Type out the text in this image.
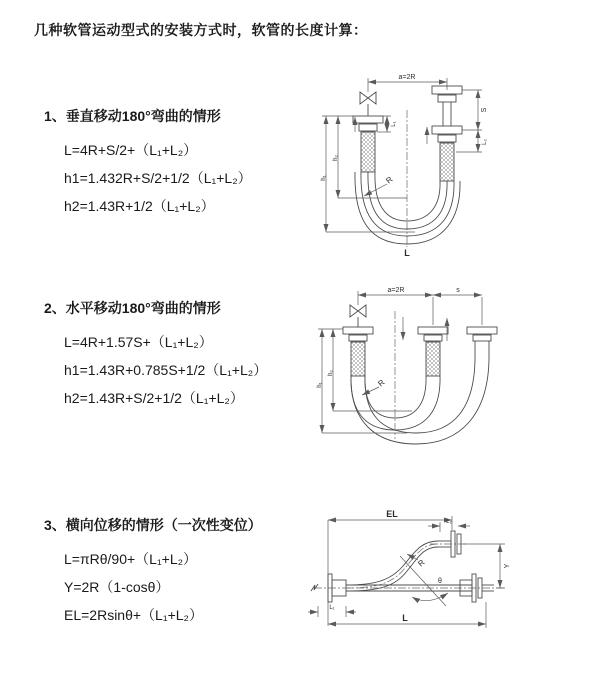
几种软管运动型式的安装方式时，软管的长度计算：
1、垂直移动180°弯曲的情形
L=4R+S/2+（L₁+L₂）
h1=1.432R+S/2+1/2（L₁+L₂）
h2=1.43R+1/2（L₁+L₂）
2、水平移动180°弯曲的情形
L=4R+1.57S+（L₁+L₂）
h1=1.43R+0.785S+1/2（L₁+L₂）
h2=1.43R+S/2+1/2（L₁+L₂）
3、横向位移的情形（一次性变位）
L=πRθ/90+（L₁+L₂）
Y=2R（1-cosθ）
EL=2Rsinθ+（L₁+L₂）
a=2R
L₁
S
L₂
h₁
h₂
R
L
a=2R	s
h₁
h₂
R
EL
L₂
θ
R	Y
L₁
L
